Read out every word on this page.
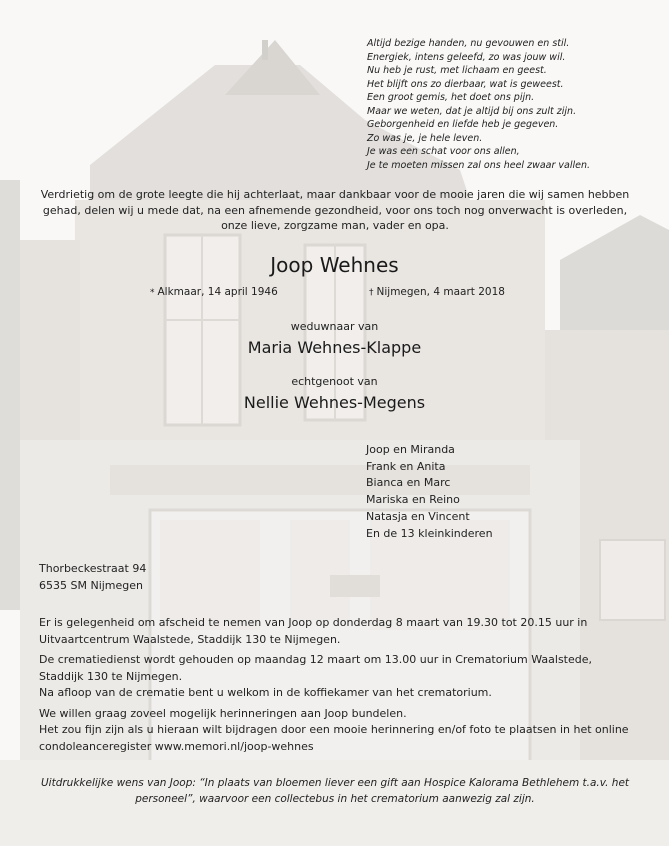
Altijd bezige handen, nu gevouwen en stil.
Energiek, intens geleefd, zo was jouw wil.
Nu heb je rust, met lichaam en geest.
Het blijft ons zo dierbaar, wat is geweest.
Een groot gemis, het doet ons pijn.
Maar we weten, dat je altijd bij ons zult zijn.
Geborgenheid en liefde heb je gegeven.
Zo was je, je hele leven.
Je was een schat voor ons allen,
Je te moeten missen zal ons heel zwaar vallen.
Verdrietig om de grote leegte die hij achterlaat, maar dankbaar voor de mooie jaren die wij samen hebben gehad, delen wij u mede dat, na een afnemende gezondheid, voor ons toch nog onverwacht is overleden, onze lieve, zorgzame man, vader en opa.
Joop Wehnes
* Alkmaar, 14 april 1946	† Nijmegen, 4 maart 2018
weduwnaar van
Maria Wehnes-Klappe
echtgenoot van
Nellie Wehnes-Megens
Joop en Miranda
Frank en Anita
Bianca en Marc
Mariska en Reino
Natasja en Vincent
En de 13 kleinkinderen
Thorbeckestraat 94
6535 SM Nijmegen

Er is gelegenheid om afscheid te nemen van Joop op donderdag 8 maart van 19.30 tot 20.15 uur in Uitvaartcentrum Waalstede, Staddijk 130 te Nijmegen.

De crematiedienst wordt gehouden op maandag 12 maart om 13.00 uur in Crematorium Waalstede, Staddijk 130 te Nijmegen.

Na afloop van de crematie bent u welkom in de koffiekamer van het crematorium.

We willen graag zoveel mogelijk herinneringen aan Joop bundelen.

Het zou fijn zijn als u hieraan wilt bijdragen door een mooie herinnering en/of foto te plaatsen in het online condoleanceregister www.memori.nl/joop-wehnes

Uitdrukkelijke wens van Joop: “In plaats van bloemen liever een gift aan Hospice Kalorama Bethlehem t.a.v. het personeel”, waarvoor een collectebus in het crematorium aanwezig zal zijn.
